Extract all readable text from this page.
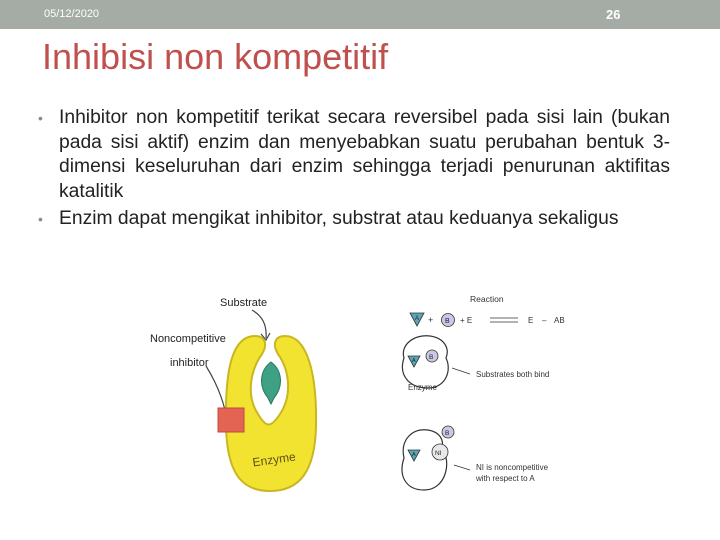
05/12/2020	26
Inhibisi non kompetitif
• Inhibitor non kompetitif terikat secara reversibel pada sisi lain (bukan pada sisi aktif) enzim dan menyebabkan suatu perubahan bentuk 3-dimensi keseluruhan dari enzim sehingga terjadi penurunan aktifitas katalitik
• Enzim dapat mengikat inhibitor, substrat atau keduanya sekaligus
Substrate
Noncompetitive
inhibitor
Enzyme
Reaction
A + B + E	E – AB
A B
Enzyme
Substrates both bind
A
B
NI
NI is noncompetitive
with respect to A
